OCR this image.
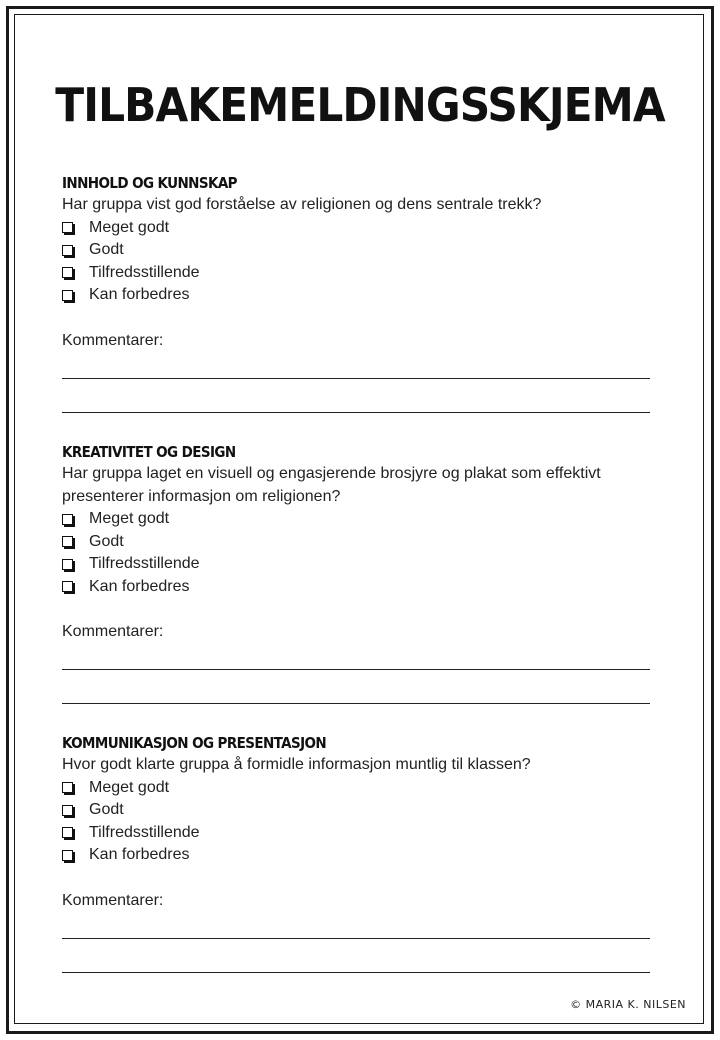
TILBAKEMELDINGSSKJEMA

INNHOLD OG KUNNSKAP

Har gruppa vist god forståelse av religionen og dens sentrale trekk?

Meget godt
Godt
Tilfredsstillende
Kan forbedres

Kommentarer:

KREATIVITET OG DESIGN

Har gruppa laget en visuell og engasjerende brosjyre og plakat som effektivt presenterer informasjon om religionen?

Meget godt
Godt
Tilfredsstillende
Kan forbedres

Kommentarer:

KOMMUNIKASJON OG PRESENTASJON

Hvor godt klarte gruppa å formidle informasjon muntlig til klassen?

Meget godt
Godt
Tilfredsstillende
Kan forbedres

Kommentarer:

© MARIA K. NILSEN
